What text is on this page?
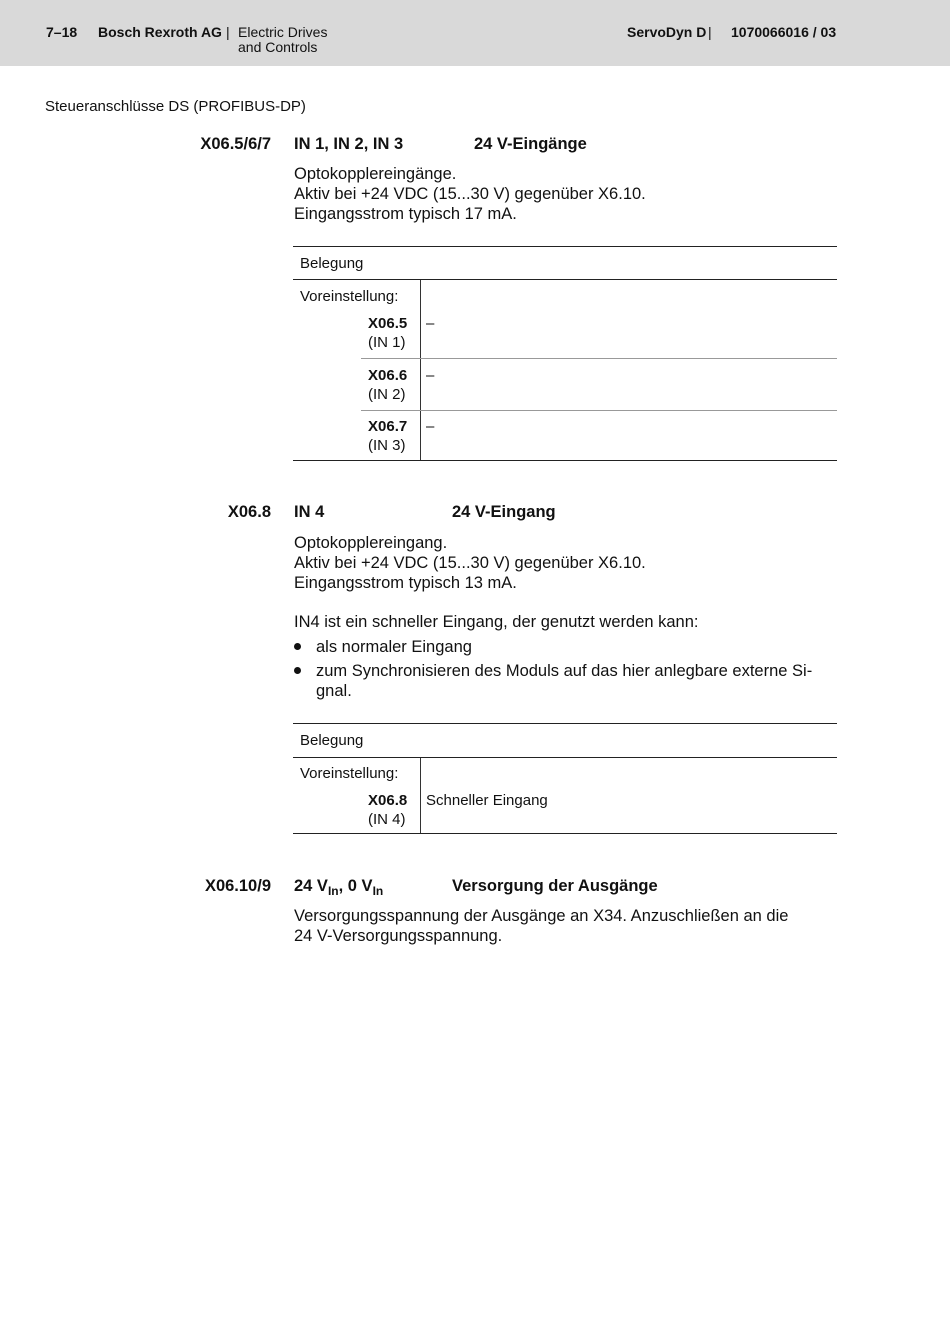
7–18 Bosch Rexroth AG | Electric Drives
and Controls
ServoDyn D | 1070066016 / 03
Steueranschlüsse DS (PROFIBUS-DP)
X06.5/6/7 IN 1, IN 2, IN 3	24 V-Eingänge
Optokopplereingänge.
Aktiv bei +24 VDC (15...30 V) gegenüber X6.10.
Eingangsstrom typisch 17 mA.
Belegung
Voreinstellung:
X06.5
(IN 1)
–
X06.6
(IN 2)
–
X06.7
(IN 3)
–
X06.8 IN 4	24 V-Eingang
Optokopplereingang.
Aktiv bei +24 VDC (15...30 V) gegenüber X6.10.
Eingangsstrom typisch 13 mA.
IN4 ist ein schneller Eingang, der genutzt werden kann:
als normaler Eingang
zum Synchronisieren des Moduls auf das hier anlegbare externe Si-
gnal.
Belegung
Voreinstellung:
X06.8
(IN 4)
Schneller Eingang
X06.10/9 24 $V_{In}$, 0 $V_{In}$	Versorgung der Ausgänge
Versorgungsspannung der Ausgänge an X34. Anzuschließen an die
24 V-Versorgungsspannung.
